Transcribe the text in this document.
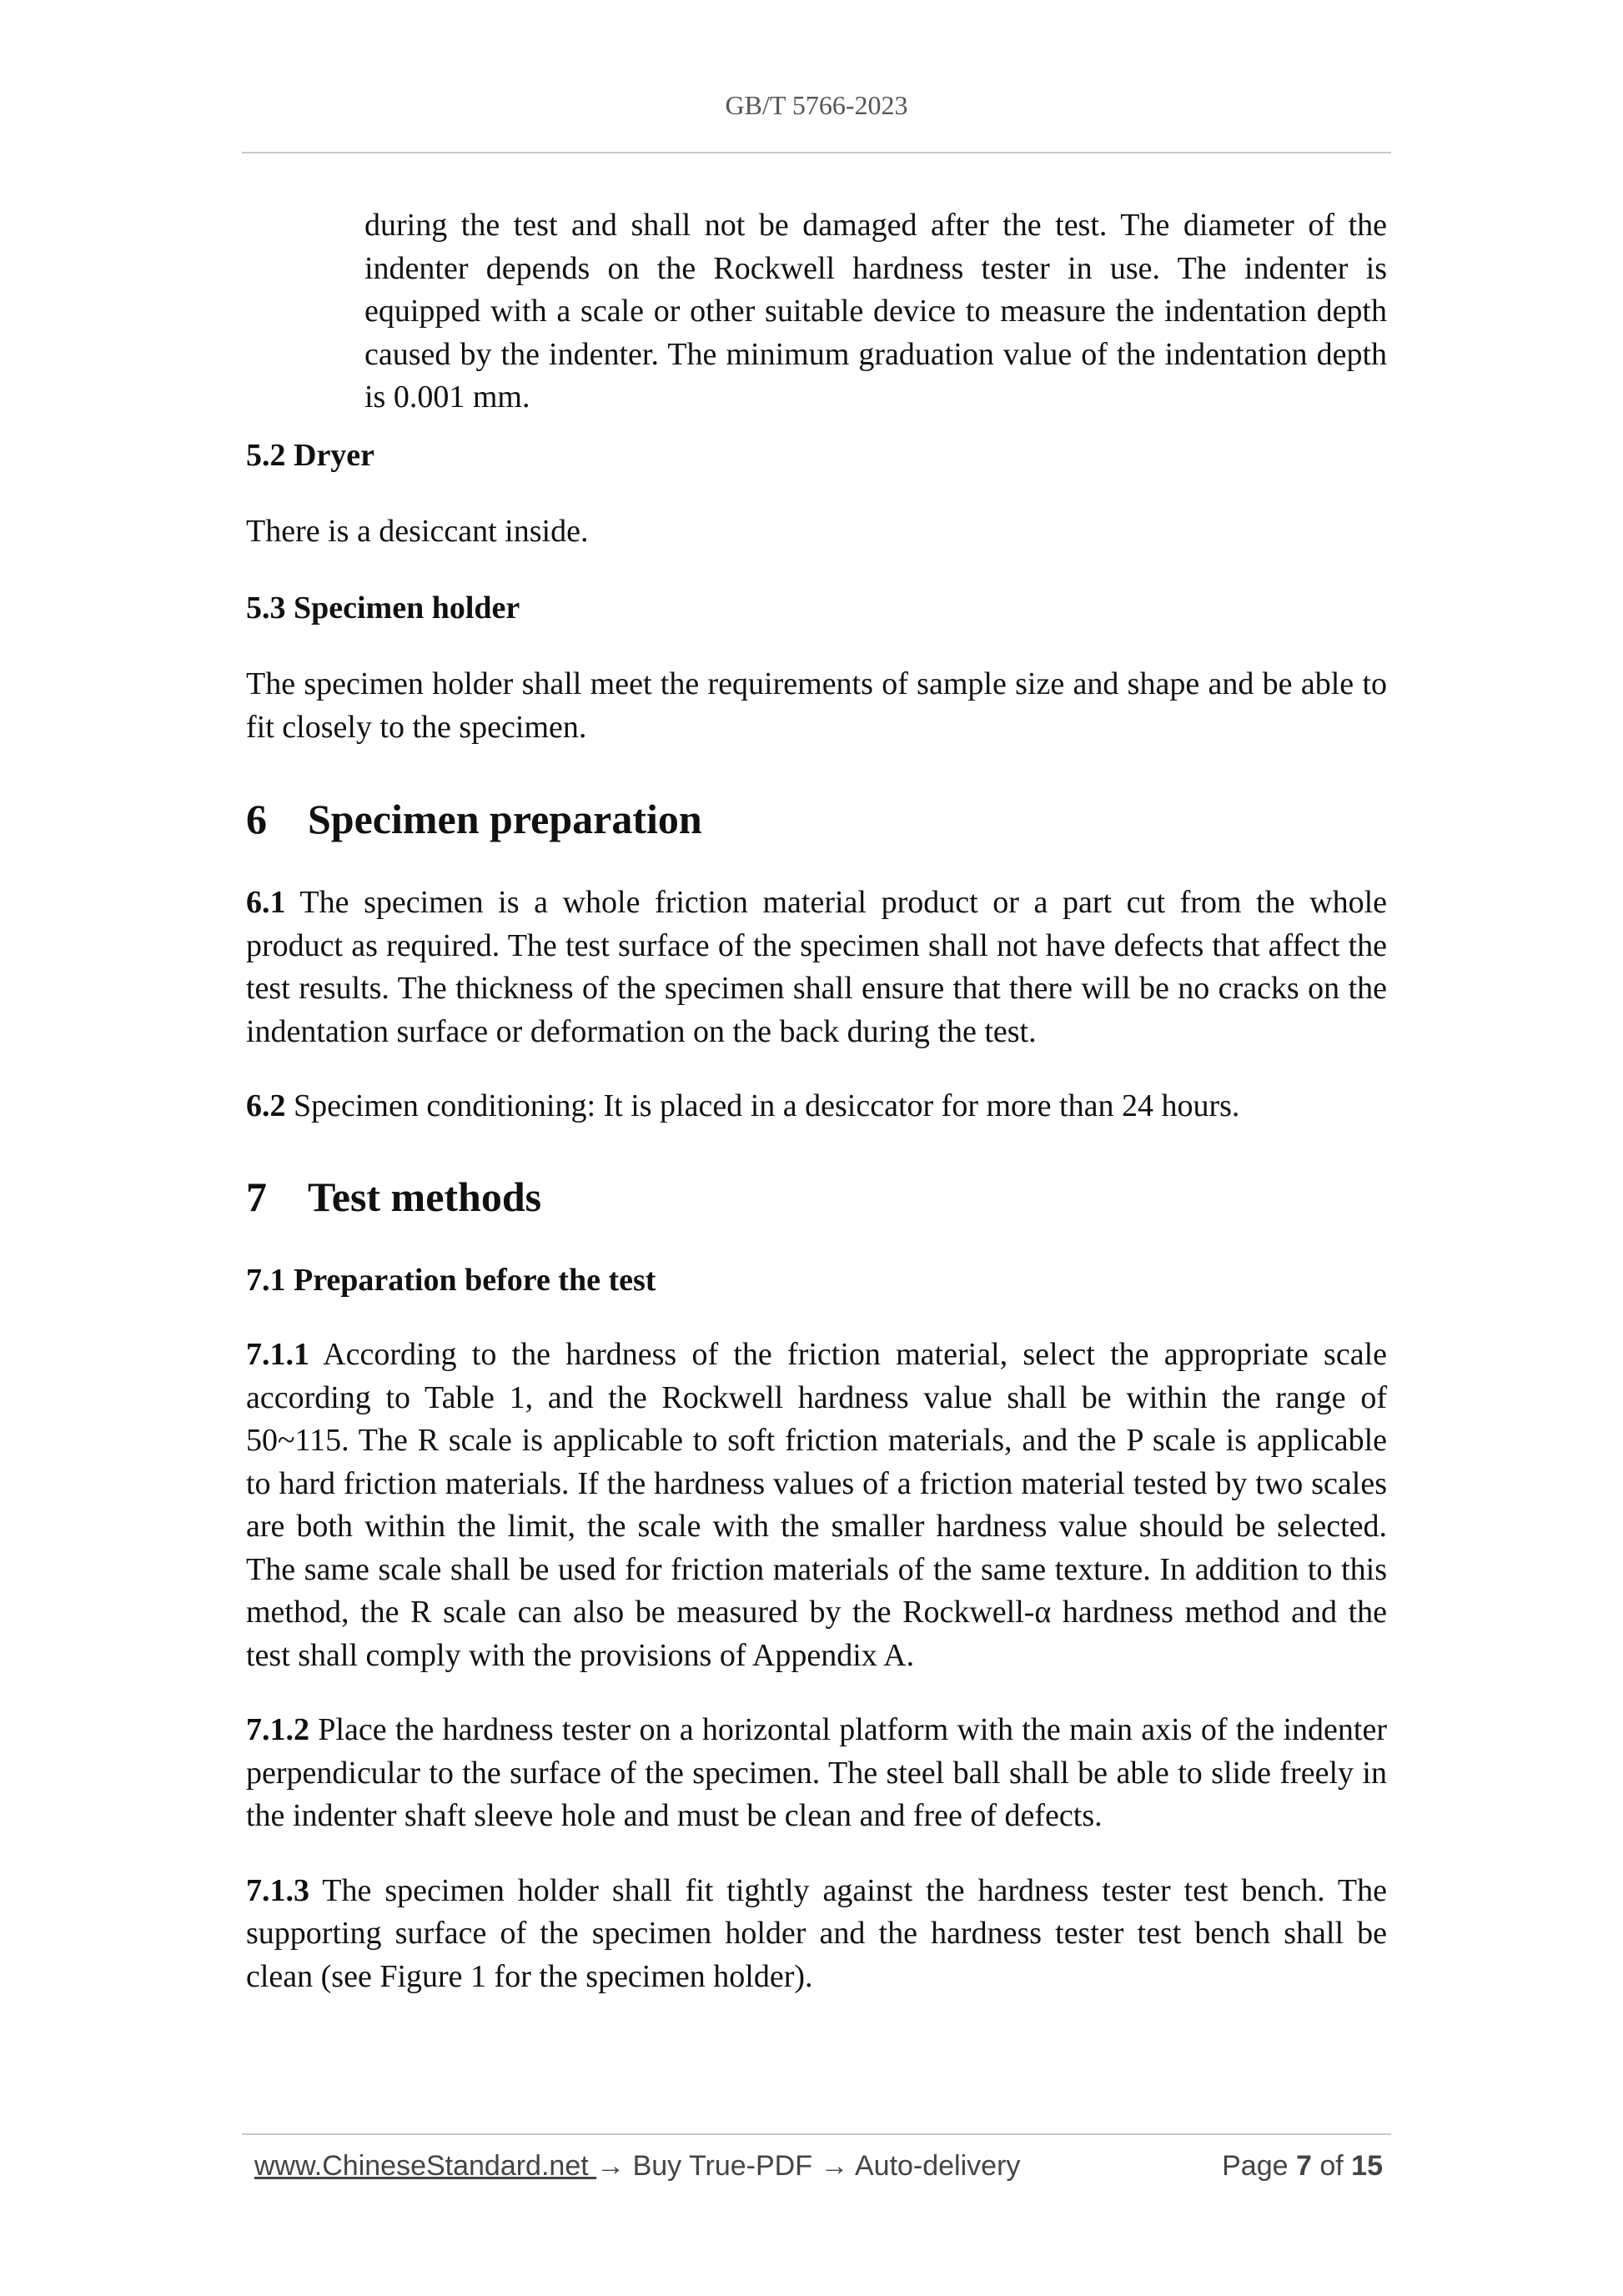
GB/T 5766-2023

during the test and shall not be damaged after the test. The diameter of the indenter depends on the Rockwell hardness tester in use. The indenter is equipped with a scale or other suitable device to measure the indentation depth caused by the indenter. The minimum graduation value of the indentation depth is 0.001 mm.

5.2 Dryer

There is a desiccant inside.

5.3 Specimen holder

The specimen holder shall meet the requirements of sample size and shape and be able to fit closely to the specimen.

6 Specimen preparation

6.1 The specimen is a whole friction material product or a part cut from the whole product as required. The test surface of the specimen shall not have defects that affect the test results. The thickness of the specimen shall ensure that there will be no cracks on the indentation surface or deformation on the back during the test.

6.2 Specimen conditioning: It is placed in a desiccator for more than 24 hours.

7 Test methods

7.1 Preparation before the test

7.1.1 According to the hardness of the friction material, select the appropriate scale according to Table 1, and the Rockwell hardness value shall be within the range of 50~115. The R scale is applicable to soft friction materials, and the P scale is applicable to hard friction materials. If the hardness values of a friction material tested by two scales are both within the limit, the scale with the smaller hardness value should be selected. The same scale shall be used for friction materials of the same texture. In addition to this method, the R scale can also be measured by the Rockwell-α hardness method and the test shall comply with the provisions of Appendix A.

7.1.2 Place the hardness tester on a horizontal platform with the main axis of the indenter perpendicular to the surface of the specimen. The steel ball shall be able to slide freely in the indenter shaft sleeve hole and must be clean and free of defects.

7.1.3 The specimen holder shall fit tightly against the hardness tester test bench. The supporting surface of the specimen holder and the hardness tester test bench shall be clean (see Figure 1 for the specimen holder).

www.ChineseStandard.net → Buy True-PDF → Auto-delivery	Page 7 of 15
